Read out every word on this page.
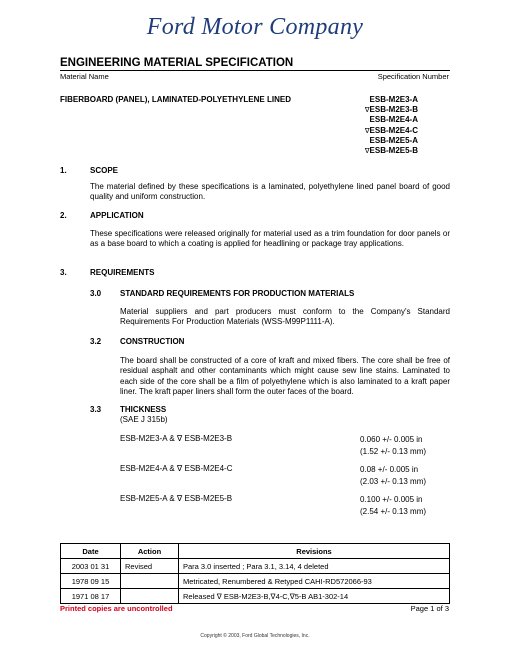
Ford Motor Company
ENGINEERING MATERIAL SPECIFICATION
Material Name	Specification Number
FIBERBOARD (PANEL), LAMINATED-POLYETHYLENE LINED	ESB-M2E3-A
∇ESB-M2E3-B
ESB-M2E4-A
∇ESB-M2E4-C
ESB-M2E5-A
∇ESB-M2E5-B
1.	SCOPE
The material defined by these specifications is a laminated, polyethylene lined panel board of good quality and uniform construction.
2.	APPLICATION
These specifications were released originally for material used as a trim foundation for door panels or as a base board to which a coating is applied for headlining or package tray applications.
3.	REQUIREMENTS
3.0 STANDARD REQUIREMENTS FOR PRODUCTION MATERIALS
Material suppliers and part producers must conform to the Company's Standard Requirements For Production Materials (WSS-M99P1111-A).
3.2 CONSTRUCTION
The board shall be constructed of a core of kraft and mixed fibers. The core shall be free of residual asphalt and other contaminants which might cause sew line stains. Laminated to each side of the core shall be a film of polyethylene which is also laminated to a kraft paper liner. The kraft paper liners shall form the outer faces of the board.
3.3 THICKNESS
(SAE J 315b)
ESB-M2E3-A & ∇ ESB-M2E3-B	0.060 +/- 0.005 in
(1.52 +/- 0.13 mm)
ESB-M2E4-A & ∇ ESB-M2E4-C	0.08 +/- 0.005 in
(2.03 +/- 0.13 mm)
ESB-M2E5-A & ∇ ESB-M2E5-B	0.100 +/- 0.005 in
(2.54 +/- 0.13 mm)
Date	Action	Revisions
2003 01 31	Revised	Para 3.0 inserted ; Para 3.1, 3.14, 4 deleted
1978 09 15		Metricated, Renumbered & Retyped CAHI-RD572066-93
1971 08 17		Released ∇ ESB-M2E3-B,∇4-C,∇5-B AB1-302-14
Printed copies are uncontrolled	Page 1 of 3
Copyright © 2003, Ford Global Technologies, Inc.
